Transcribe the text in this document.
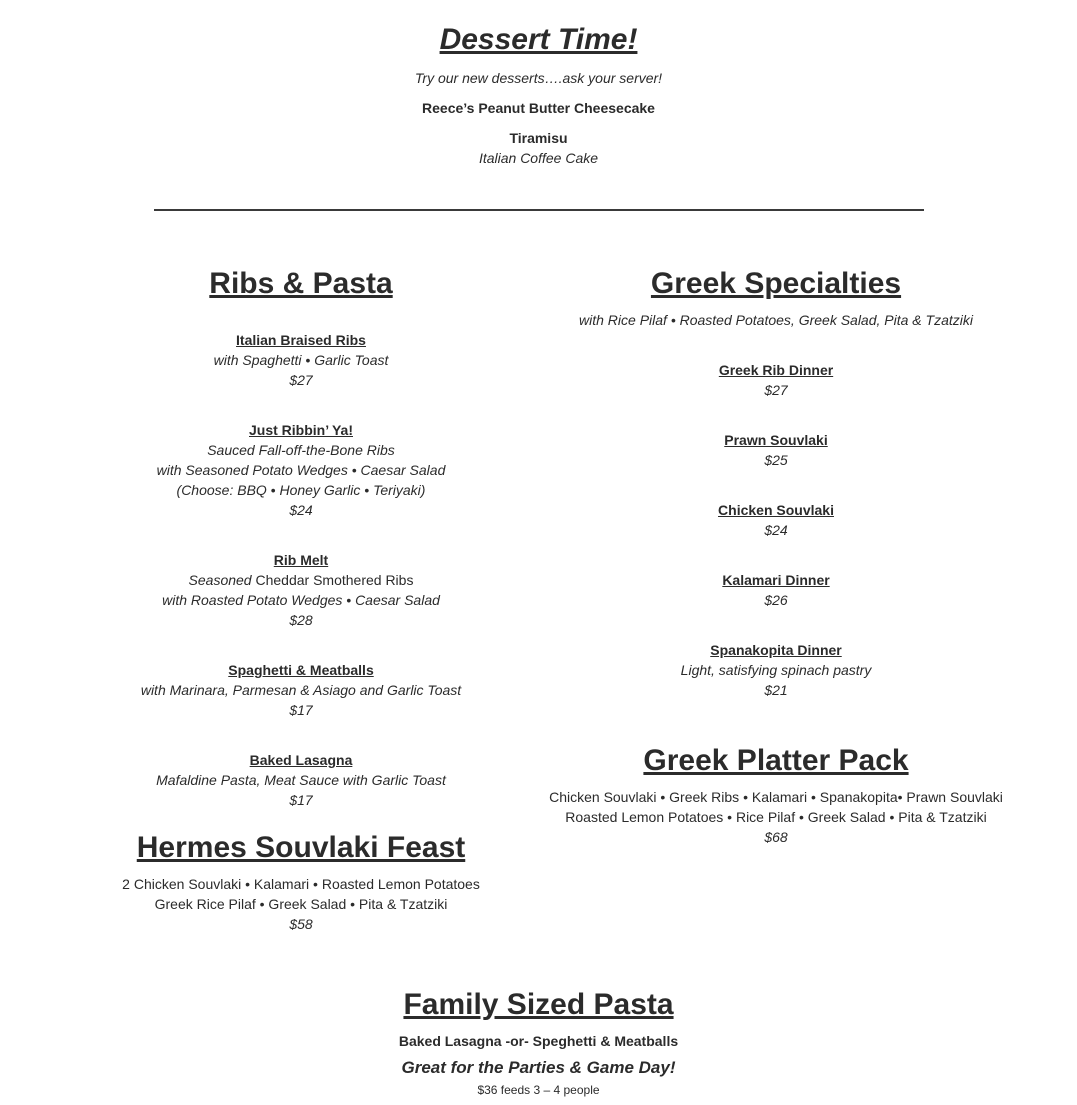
Dessert Time!
Try our new desserts….ask your server!
Reece’s Peanut Butter Cheesecake
Tiramisu
Italian Coffee Cake
Ribs & Pasta
Italian Braised Ribs
with Spaghetti • Garlic Toast
$27
Just Ribbin’ Ya!
Sauced Fall-off-the-Bone Ribs
with Seasoned Potato Wedges • Caesar Salad
(Choose: BBQ • Honey Garlic • Teriyaki)
$24
Rib Melt
Seasoned Cheddar Smothered Ribs
with Roasted Potato Wedges • Caesar Salad
$28
Spaghetti & Meatballs
with Marinara, Parmesan & Asiago and Garlic Toast
$17
Baked Lasagna
Mafaldine Pasta, Meat Sauce with Garlic Toast
$17
Hermes Souvlaki Feast
2 Chicken Souvlaki • Kalamari • Roasted Lemon Potatoes
Greek Rice Pilaf • Greek Salad • Pita & Tzatziki
$58
Greek Specialties
with Rice Pilaf • Roasted Potatoes, Greek Salad, Pita & Tzatziki
Greek Rib Dinner
$27
Prawn Souvlaki
$25
Chicken Souvlaki
$24
Kalamari Dinner
$26
Spanakopita Dinner
Light, satisfying spinach pastry
$21
Greek Platter Pack
Chicken Souvlaki • Greek Ribs • Kalamari • Spanakopita• Prawn Souvlaki
Roasted Lemon Potatoes • Rice Pilaf • Greek Salad • Pita & Tzatziki
$68
Family Sized Pasta
Baked Lasagna -or- Speghetti & Meatballs
Great for the Parties & Game Day!
$36 feeds 3 – 4 people
